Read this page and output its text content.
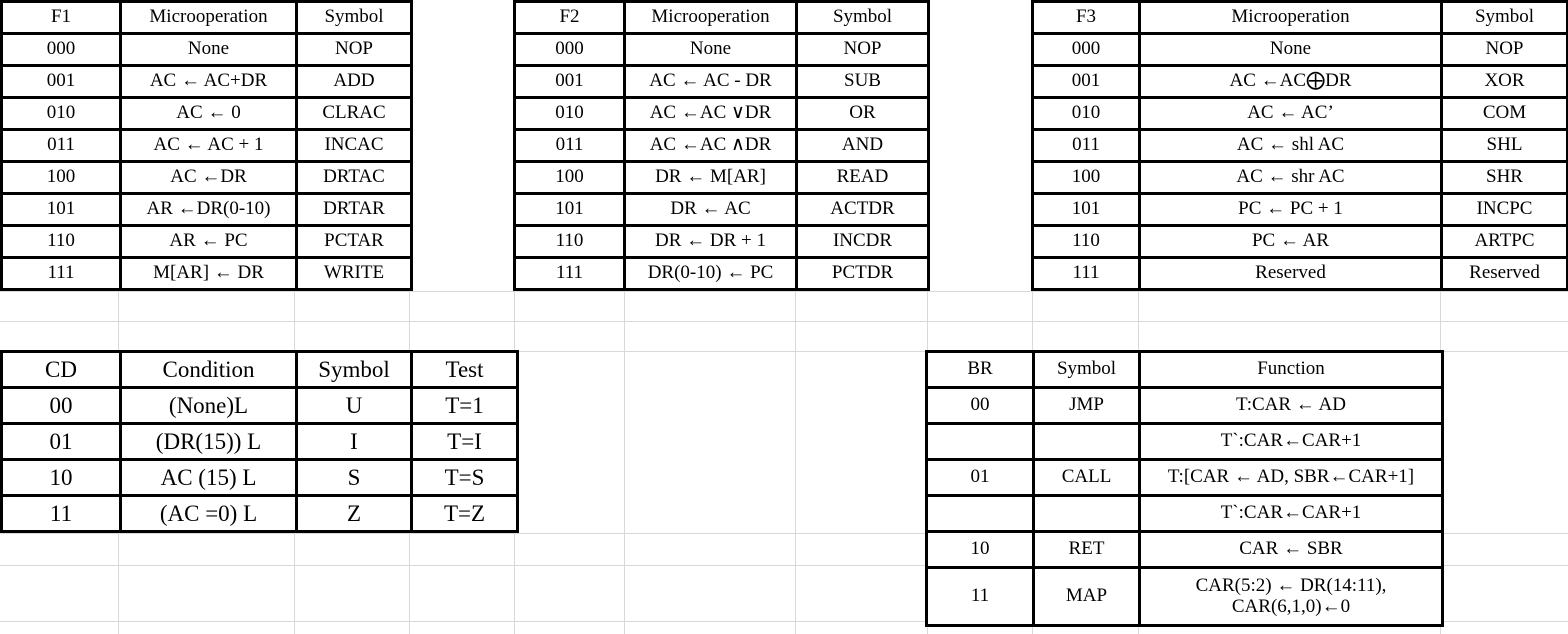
F1	Microoperation	Symbol
000	None	NOP
001	AC ← AC+DR	ADD
010	AC ← 0	CLRAC
011	AC ← AC + 1	INCAC
100	AC ←DR	DRTAC
101	AR ←DR(0-10)	DRTAR
110	AR ← PC	PCTAR
111	M[AR] ← DR	WRITE
F2	Microoperation	Symbol
000	None	NOP
001	AC ← AC - DR	SUB
010	AC ←AC ∨DR	OR
011	AC ←AC ∧DR	AND
100	DR ← M[AR]	READ
101	DR ← AC	ACTDR
110	DR ← DR + 1	INCDR
111	DR(0-10) ← PC	PCTDR
F3	Microoperation	Symbol
000	None	NOP
001	AC ←AC⨁DR	XOR
010	AC ← AC’	COM
011	AC ← shl AC	SHL
100	AC ← shr AC	SHR
101	PC ← PC + 1	INCPC
110	PC ← AR	ARTPC
111	Reserved	Reserved
CD	Condition	Symbol	Test
00	(None)L	U	T=1
01	(DR(15)) L	I	T=I
10	AC (15) L	S	T=S
11	(AC =0) L	Z	T=Z
BR	Symbol	Function
00	JMP	T:CAR ← AD
		T`:CAR←CAR+1
01	CALL	T:[CAR ← AD, SBR←CAR+1]
		T`:CAR←CAR+1
10	RET	CAR ← SBR
11	MAP	CAR(5:2) ← DR(14:11), CAR(6,1,0)←0
